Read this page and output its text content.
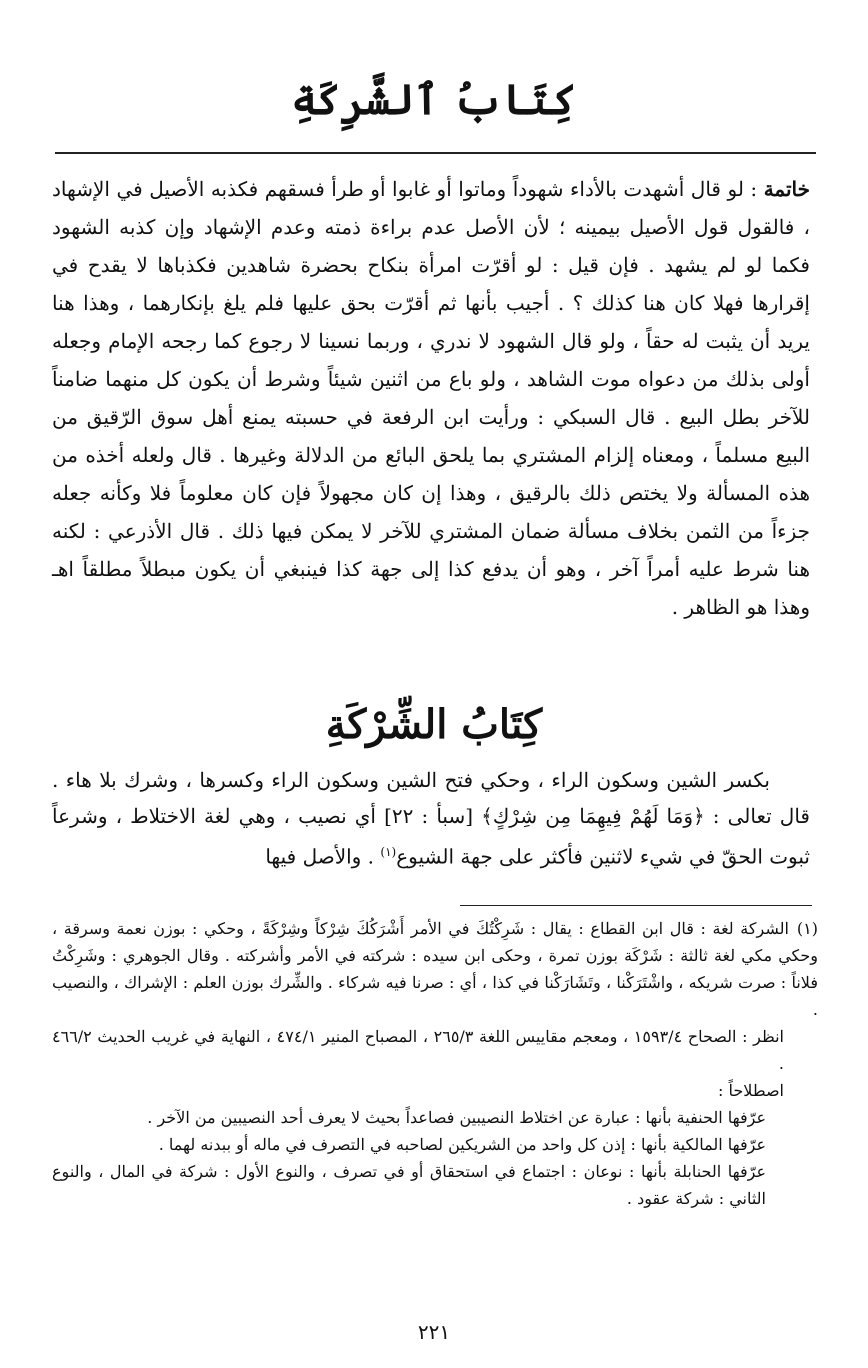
كِتَابُ ٱلشَّرِكَةِ

خاتمة : لو قال أشهدت بالأداء شهوداً وماتوا أو غابوا أو طرأ فسقهم فكذبه الأصيل في الإشهاد ، فالقول قول الأصيل بيمينه ؛ لأن الأصل عدم براءة ذمته وعدم الإشهاد وإن كذبه الشهود فكما لو لم يشهد . فإن قيل : لو أقرّت امرأة بنكاح بحضرة شاهدين فكذباها لا يقدح في إقرارها فهلا كان هنا كذلك ؟ . أجيب بأنها ثم أقرّت بحق عليها فلم يلغ بإنكارهما ، وهذا هنا يريد أن يثبت له حقاً ، ولو قال الشهود لا ندري ، وربما نسينا لا رجوع كما رجحه الإمام وجعله أولى بذلك من دعواه موت الشاهد ، ولو باع من اثنين شيئاً وشرط أن يكون كل منهما ضامناً للآخر بطل البيع . قال السبكي : ورأيت ابن الرفعة في حسبته يمنع أهل سوق الرّقيق من البيع مسلماً ، ومعناه إلزام المشتري بما يلحق البائع من الدلالة وغيرها . قال ولعله أخذه من هذه المسألة ولا يختص ذلك بالرقيق ، وهذا إن كان مجهولاً فإن كان معلوماً فلا وكأنه جعله جزءاً من الثمن بخلاف مسألة ضمان المشتري للآخر لا يمكن فيها ذلك . قال الأذرعي : لكنه هنا شرط عليه أمراً آخر ، وهو أن يدفع كذا إلى جهة كذا فينبغي أن يكون مبطلاً مطلقاً اهـ وهذا هو الظاهر .

كِتَابُ الشِّرْكَةِ

بكسر الشين وسكون الراء ، وحكي فتح الشين وسكون الراء وكسرها ، وشرك بلا هاء . قال تعالى : ﴿وَمَا لَهُمْ فِيهِمَا مِن شِرْكٍ﴾ [سبأ : ٢٢] أي نصيب ، وهي لغة الاختلاط ، وشرعاً ثبوت الحقّ في شيء لاثنين فأكثر على جهة الشيوع$^{(١)}$ . والأصل فيها

(١)الشركة لغة : قال ابن القطاع : يقال : شَرِكْتُكَ في الأمر أَشْرَكُكَ شِرْكاً وشِرْكَةً ، وحكي : بوزن نعمة وسرقة ، وحكي مكي لغة ثالثة : شَرْكَة بوزن تمرة ، وحكى ابن سيده : شركته في الأمر وأشركته . وقال الجوهري : وشَرِكْتُ فلاناً : صرت شريكه ، واشْتَرَكْنا ، وتَشَارَكْنا في كذا ، أي : صرنا فيه شركاء . والشِّرك بوزن العلم : الإشراك ، والنصيب .

انظر : الصحاح ١٥٩٣/٤ ، ومعجم مقاييس اللغة ٢٦٥/٣ ، المصباح المنير ٤٧٤/١ ، النهاية في غريب الحديث ٤٦٦/٢ .

اصطلاحاً :

عرّفها الحنفية بأنها : عبارة عن اختلاط النصيبين فصاعداً بحيث لا يعرف أحد النصيبين من الآخر .

عرّفها المالكية بأنها : إذن كل واحد من الشريكين لصاحبه في التصرف في ماله أو ببدنه لهما .

عرّفها الحنابلة بأنها : نوعان : اجتماع في استحقاق أو في تصرف ، والنوع الأول : شركة في المال ، والنوع الثاني : شركة عقود .

٢٢١
